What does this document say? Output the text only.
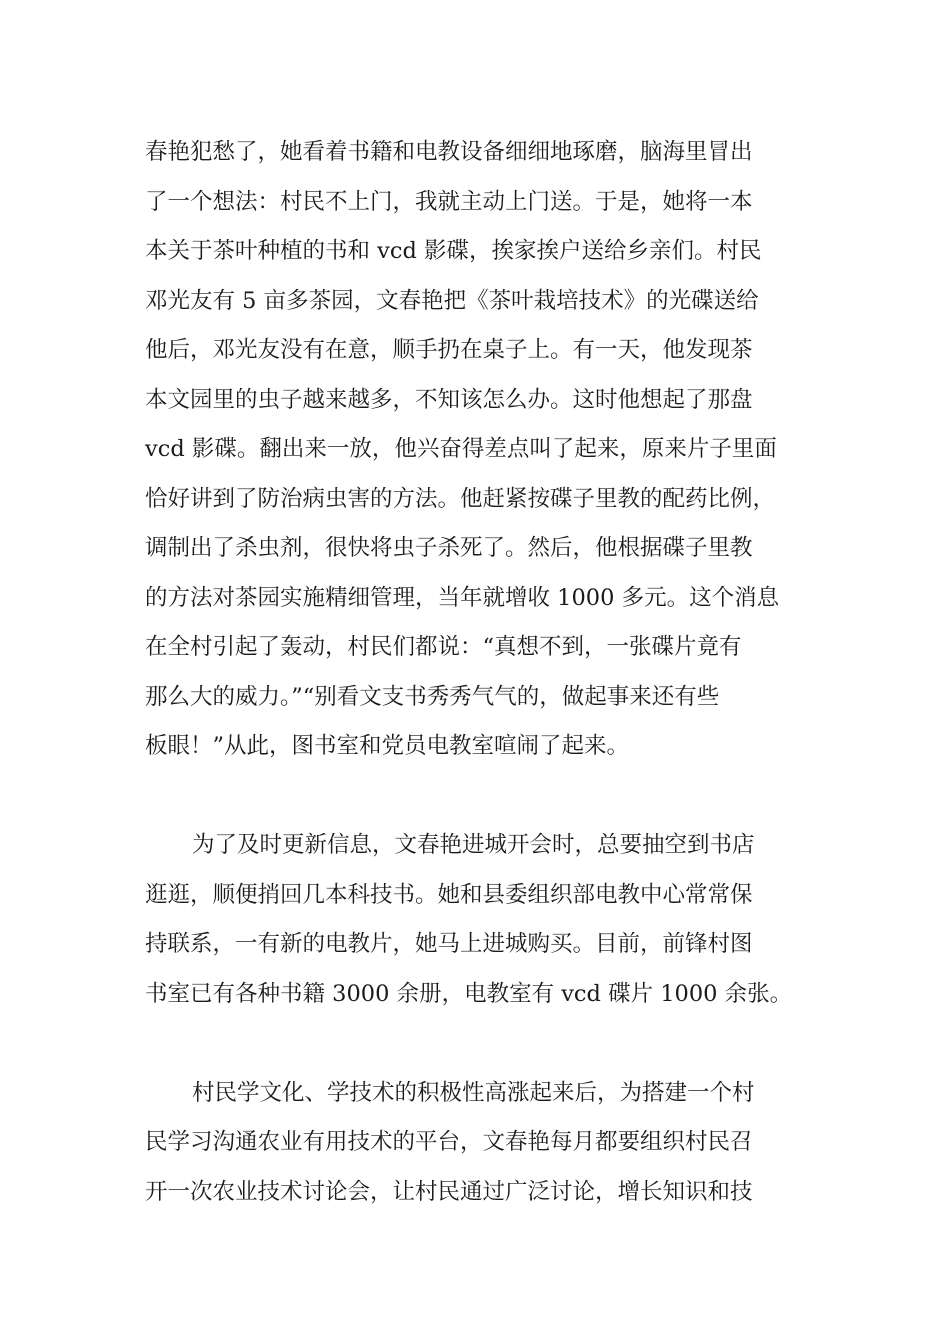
春艳犯愁了，她看着书籍和电教设备细细地琢磨，脑海里冒出

了一个想法：村民不上门，我就主动上门送。于是，她将一本

本关于茶叶种植的书和 vcd 影碟，挨家挨户送给乡亲们。村民

邓光友有 5 亩多茶园，文春艳把《茶叶栽培技术》的光碟送给

他后，邓光友没有在意，顺手扔在桌子上。有一天，他发现茶

本文园里的虫子越来越多，不知该怎么办。这时他想起了那盘

vcd 影碟。翻出来一放，他兴奋得差点叫了起来，原来片子里面

恰好讲到了防治病虫害的方法。他赶紧按碟子里教的配药比例，

调制出了杀虫剂，很快将虫子杀死了。然后，他根据碟子里教

的方法对茶园实施精细管理，当年就增收 1000 多元。这个消息

在全村引起了轰动，村民们都说：“真想不到，一张碟片竟有

那么大的威力。”“别看文支书秀秀气气的，做起事来还有些

板眼！”从此，图书室和党员电教室喧闹了起来。

为了及时更新信息，文春艳进城开会时，总要抽空到书店

逛逛，顺便捎回几本科技书。她和县委组织部电教中心常常保

持联系，一有新的电教片，她马上进城购买。目前，前锋村图

书室已有各种书籍 3000 余册，电教室有 vcd 碟片 1000 余张。

村民学文化、学技术的积极性高涨起来后，为搭建一个村

民学习沟通农业有用技术的平台，文春艳每月都要组织村民召

开一次农业技术讨论会，让村民通过广泛讨论，增长知识和技
